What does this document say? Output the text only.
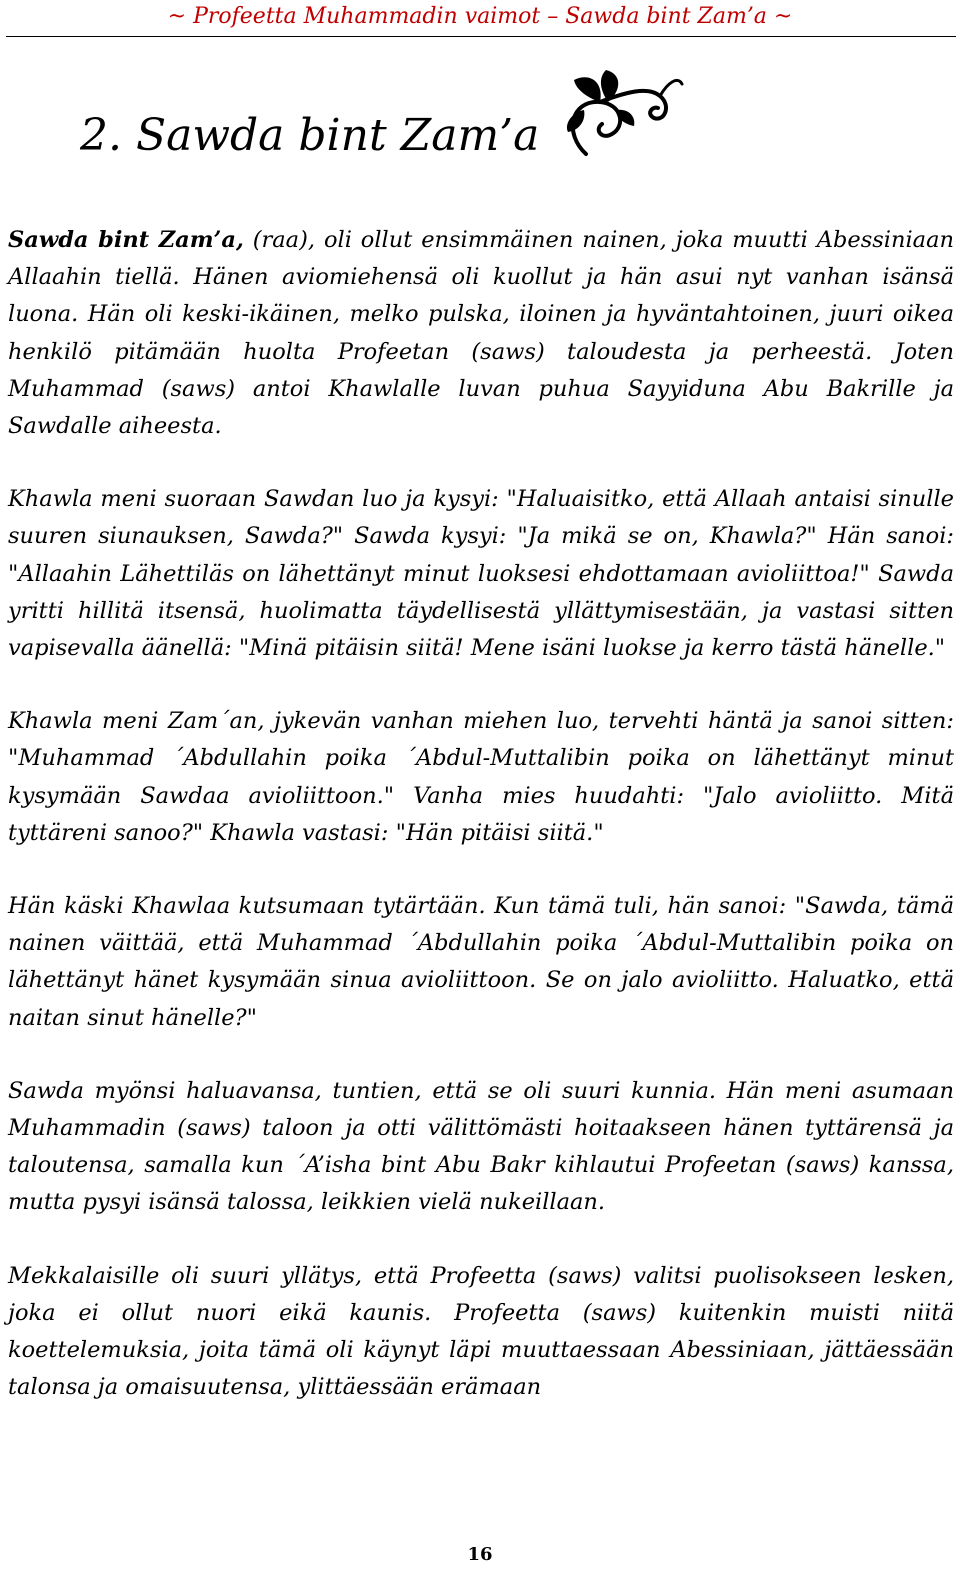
~ Profeetta Muhammadin vaimot – Sawda bint Zam’a ~
2. Sawda bint Zam’a

Sawda bint Zam’a, (raa), oli ollut ensimmäinen nainen, joka muutti Abessiniaan Allaahin tiellä. Hänen aviomiehensä oli kuollut ja hän asui nyt vanhan isänsä luona. Hän oli keski-ikäinen, melko pulska, iloinen ja hyväntahtoinen, juuri oikea henkilö pitämään huolta Profeetan (saws) taloudesta ja perheestä. Joten Muhammad (saws) antoi Khawlalle luvan puhua Sayyiduna Abu Bakrille ja Sawdalle aiheesta.

Khawla meni suoraan Sawdan luo ja kysyi: "Haluaisitko, että Allaah antaisi sinulle suuren siunauksen, Sawda?" Sawda kysyi: "Ja mikä se on, Khawla?" Hän sanoi: "Allaahin Lähettiläs on lähettänyt minut luoksesi ehdottamaan avioliittoa!" Sawda yritti hillitä itsensä, huolimatta täydellisestä yllättymisestään, ja vastasi sitten vapisevalla äänellä: "Minä pitäisin siitä! Mene isäni luokse ja kerro tästä hänelle."

Khawla meni Zam´an, jykevän vanhan miehen luo, tervehti häntä ja sanoi sitten: "Muhammad ´Abdullahin poika ´Abdul-Muttalibin poika on lähettänyt minut kysymään Sawdaa avioliittoon." Vanha mies huudahti: "Jalo avioliitto. Mitä tyttäreni sanoo?" Khawla vastasi: "Hän pitäisi siitä."

Hän käski Khawlaa kutsumaan tytärtään. Kun tämä tuli, hän sanoi: "Sawda, tämä nainen väittää, että Muhammad ´Abdullahin poika ´Abdul-Muttalibin poika on lähettänyt hänet kysymään sinua avioliittoon. Se on jalo avioliitto. Haluatko, että naitan sinut hänelle?"

Sawda myönsi haluavansa, tuntien, että se oli suuri kunnia. Hän meni asumaan Muhammadin (saws) taloon ja otti välittömästi hoitaakseen hänen tyttärensä ja taloutensa, samalla kun ´A’isha bint Abu Bakr kihlautui Profeetan (saws) kanssa, mutta pysyi isänsä talossa, leikkien vielä nukeillaan.

Mekkalaisille oli suuri yllätys, että Profeetta (saws) valitsi puolisokseen lesken, joka ei ollut nuori eikä kaunis. Profeetta (saws) kuitenkin muisti niitä koettelemuksia, joita tämä oli käynyt läpi muuttaessaan Abessiniaan, jättäessään talonsa ja omaisuutensa, ylittäessään erämaan

16
